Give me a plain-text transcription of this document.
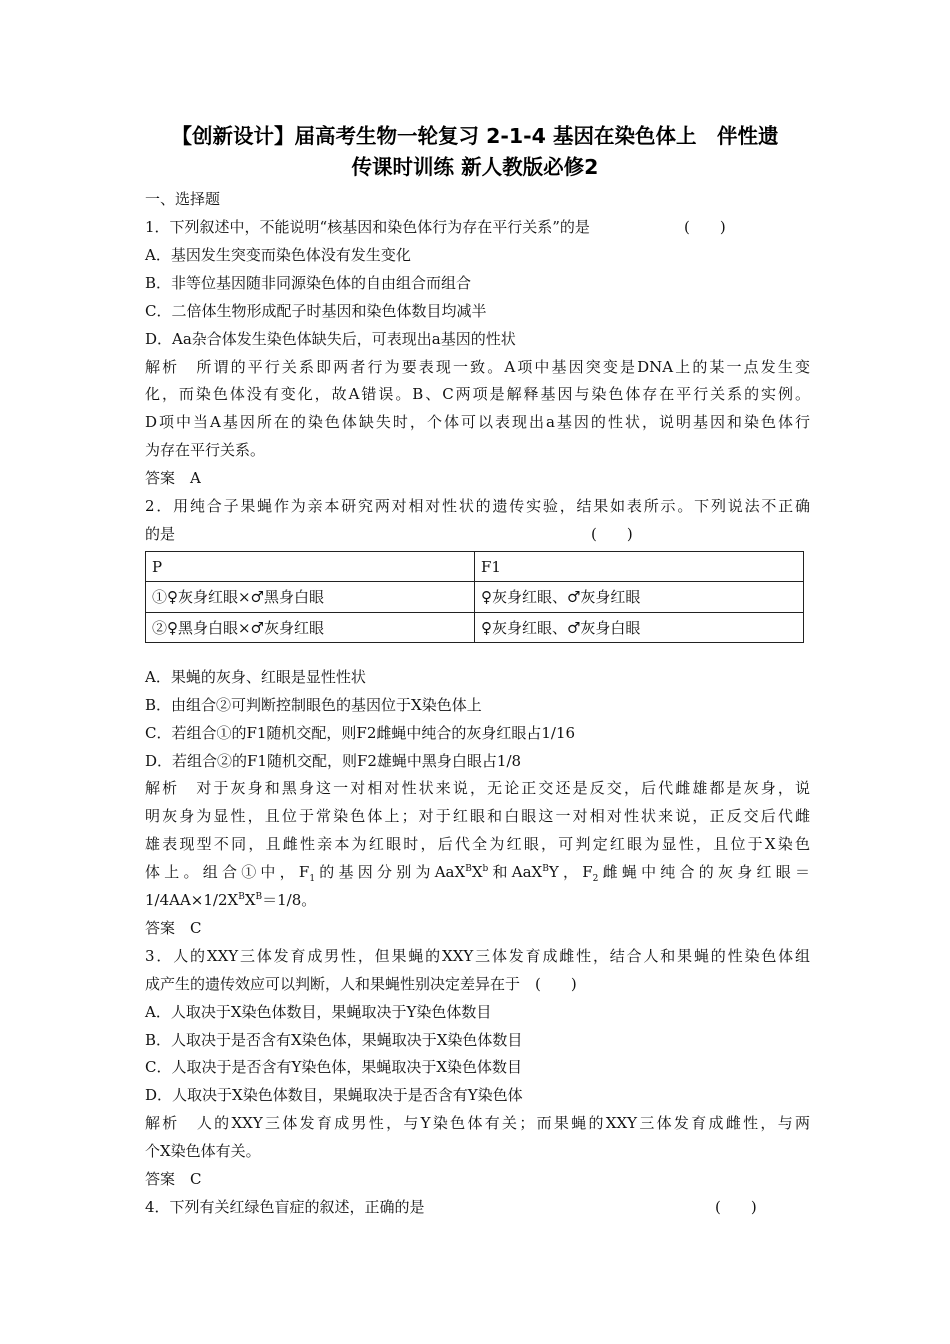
【创新设计】届高考生物一轮复习 2-1-4 基因在染色体上　伴性遗
传课时训练 新人教版必修2
一、选择题
1．下列叙述中，不能说明“核基因和染色体行为存在平行关系”的是	(　　)
A．基因发生突变而染色体没有发生变化
B．非等位基因随非同源染色体的自由组合而组合
C．二倍体生物形成配子时基因和染色体数目均减半
D．Aa杂合体发生染色体缺失后，可表现出a基因的性状
解析　所谓的平行关系即两者行为要表现一致。A项中基因突变是DNA上的某一点发生变
化，而染色体没有变化，故A错误。B、C两项是解释基因与染色体存在平行关系的实例。
D项中当A基因所在的染色体缺失时，个体可以表现出a基因的性状，说明基因和染色体行
为存在平行关系。
答案　A
2．用纯合子果蝇作为亲本研究两对相对性状的遗传实验，结果如表所示。下列说法不正确
的是	(　　)
P	F1
①♀灰身红眼×♂黑身白眼	♀灰身红眼、♂灰身红眼
②♀黑身白眼×♂灰身红眼	♀灰身红眼、♂灰身白眼
A．果蝇的灰身、红眼是显性性状
B．由组合②可判断控制眼色的基因位于X染色体上
C．若组合①的F1随机交配，则F2雌蝇中纯合的灰身红眼占1/16
D．若组合②的F1随机交配，则F2雄蝇中黑身白眼占1/8
解析　对于灰身和黑身这一对相对性状来说，无论正交还是反交，后代雌雄都是灰身，说
明灰身为显性，且位于常染色体上；对于红眼和白眼这一对相对性状来说，正反交后代雌
雄表现型不同，且雌性亲本为红眼时，后代全为红眼，可判定红眼为显性，且位于X染色
体上。组合①中，$F_1$的基因分别为$AaX^BX^b$和AaX$^B$Y，$F_2$雌蝇中纯合的灰身红眼＝
$1/4AA\times 1/2X^BX^B=1/8$。
答案　C
3．人的XXY三体发育成男性，但果蝇的XXY三体发育成雌性，结合人和果蝇的性染色体组
成产生的遗传效应可以判断，人和果蝇性别决定差异在于　(　　)
A．人取决于X染色体数目，果蝇取决于Y染色体数目
B．人取决于是否含有X染色体，果蝇取决于X染色体数目
C．人取决于是否含有Y染色体，果蝇取决于X染色体数目
D．人取决于X染色体数目，果蝇取决于是否含有Y染色体
解析　人的XXY三体发育成男性，与Y染色体有关；而果蝇的XXY三体发育成雌性，与两
个X染色体有关。
答案　C
4．下列有关红绿色盲症的叙述，正确的是	(　　)
